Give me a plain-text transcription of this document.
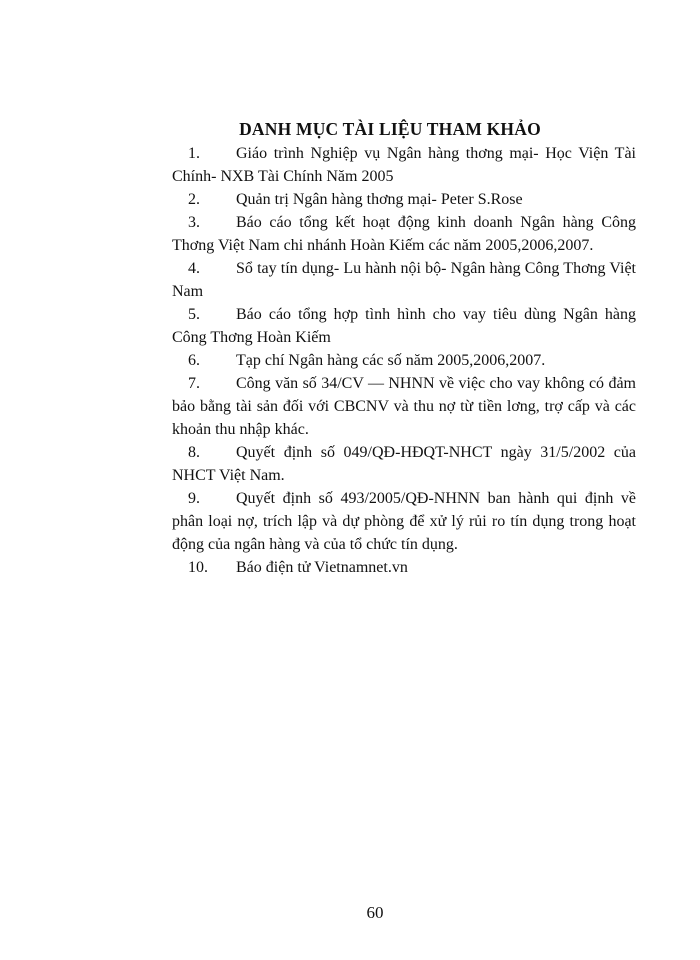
DANH MỤC TÀI LIỆU THAM KHẢO

1. Giáo trình Nghiệp vụ Ngân hàng thơng mại- Học Viện Tài Chính- NXB Tài Chính Năm 2005

2. Quản trị Ngân hàng thơng mại- Peter S.Rose

3. Báo cáo tổng kết hoạt động kinh doanh Ngân hàng Công Thơng Việt Nam chi nhánh Hoàn Kiếm các năm 2005,2006,2007.

4. Sổ tay tín dụng- Lu hành nội bộ- Ngân hàng Công Thơng Việt Nam

5. Báo cáo tổng hợp tình hình cho vay tiêu dùng Ngân hàng Công Thơng Hoàn Kiếm

6. Tạp chí Ngân hàng các số năm 2005,2006,2007.

7. Công văn số 34/CV — NHNN về việc cho vay không có đảm bảo bằng tài sản đối với CBCNV và thu nợ từ tiền lơng, trợ cấp và các khoản thu nhập khác.

8. Quyết định số 049/QĐ-HĐQT-NHCT ngày 31/5/2002 của NHCT Việt Nam.

9. Quyết định số 493/2005/QĐ-NHNN ban hành qui định về phân loại nợ, trích lập và dự phòng để xử lý rủi ro tín dụng trong hoạt động của ngân hàng và của tổ chức tín dụng.

10. Báo điện tử Vietnamnet.vn

60
